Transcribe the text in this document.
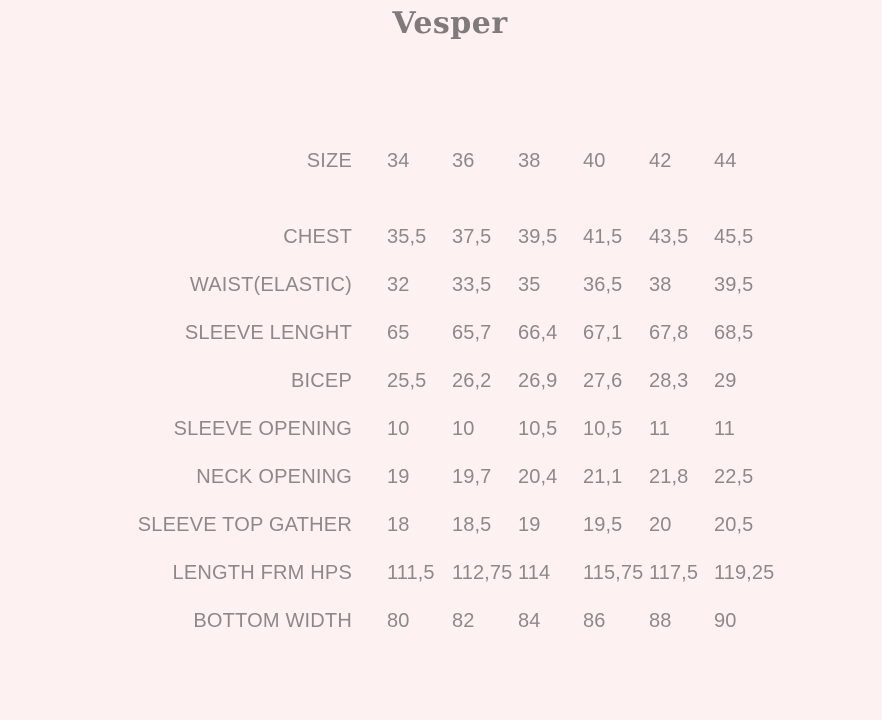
Vesper
SIZE 34 36 38 40 42 44
CHEST 35,5 37,5 39,5 41,5 43,5 45,5
WAIST(ELASTIC) 32 33,5 35 36,5 38 39,5
SLEEVE LENGHT 65 65,7 66,4 67,1 67,8 68,5
BICEP 25,5 26,2 26,9 27,6 28,3 29
SLEEVE OPENING 10 10 10,5 10,5 11 11
NECK OPENING 19 19,7 20,4 21,1 21,8 22,5
SLEEVE TOP GATHER 18 18,5 19 19,5 20 20,5
LENGTH FRM HPS 111,5 112,75 114 115,75 117,5 119,25
BOTTOM WIDTH 80 82 84 86 88 90
